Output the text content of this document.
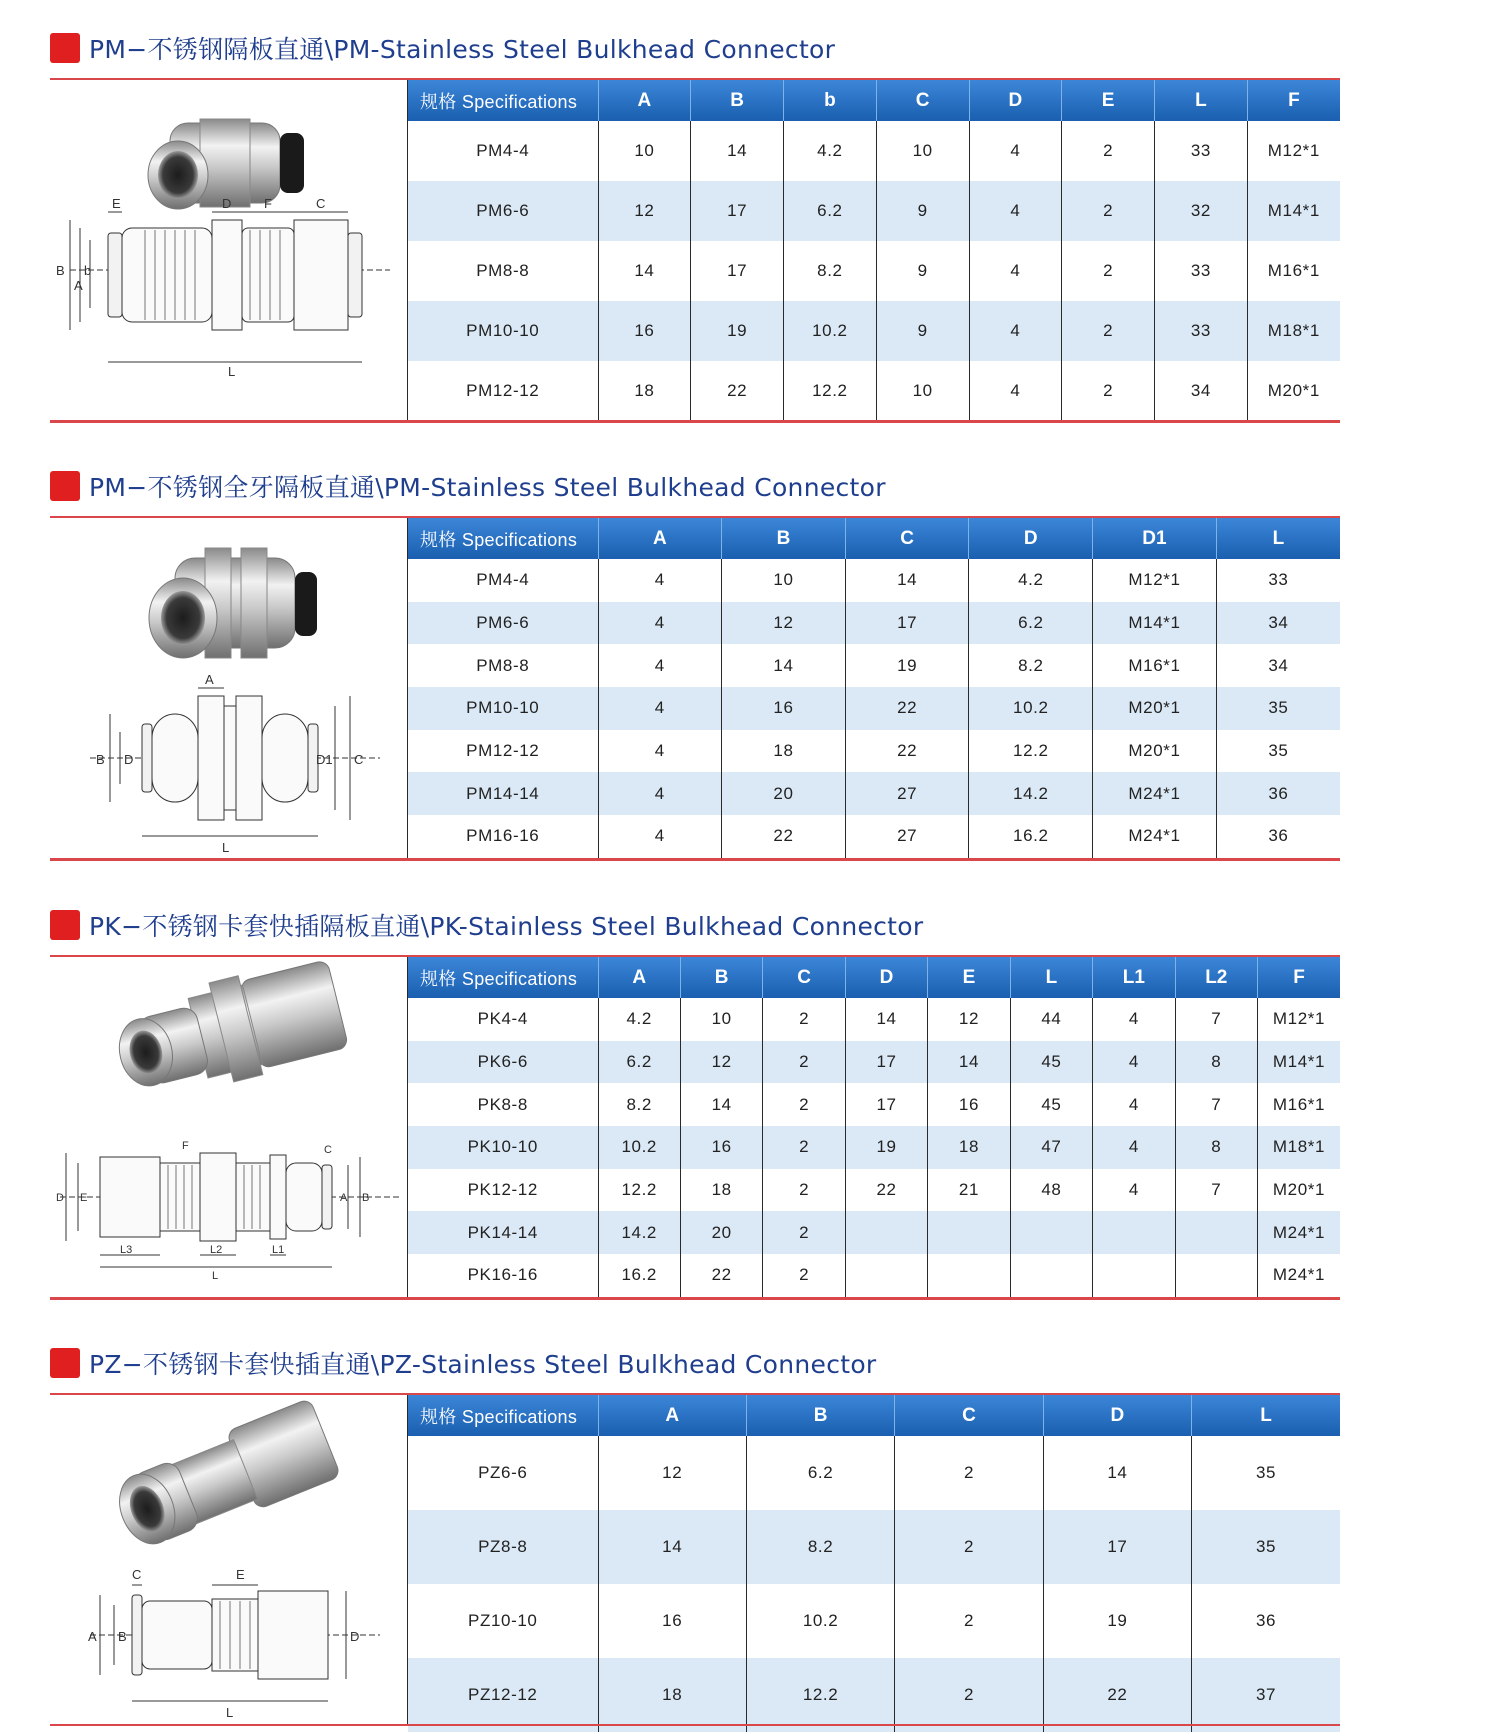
PM−不锈钢隔板直通\PM-Stainless Steel Bulkhead Connector
E	D	F	C
B
A
b
L
规格 Specifications	A	B	b	C	D	E	L	F
PM4-4	10	14	4.2	10	4	2	33	M12*1
PM6-6	12	17	6.2	9	4	2	32	M14*1
PM8-8	14	17	8.2	9	4	2	33	M16*1
PM10-10	16	19	10.2	9	4	2	33	M18*1
PM12-12	18	22	12.2	10	4	2	34	M20*1
PM−不锈钢全牙隔板直通\PM-Stainless Steel Bulkhead Connector
A
B D	D1 C
L
规格 Specifications	A	B	C	D	D1	L
PM4-4	4	10	14	4.2	M12*1	33
PM6-6	4	12	17	6.2	M14*1	34
PM8-8	4	14	19	8.2	M16*1	34
PM10-10	4	16	22	10.2	M20*1	35
PM12-12	4	18	22	12.2	M20*1	35
PM14-14	4	20	27	14.2	M24*1	36
PM16-16	4	22	27	16.2	M24*1	36
PK−不锈钢卡套快插隔板直通\PK-Stainless Steel Bulkhead Connector
F	C
D E	A B
L3	L2	L1
L
规格 Specifications	A	B	C	D	E	L	L1	L2	F
PK4-4	4.2	10	2	14	12	44	4	7	M12*1
PK6-6	6.2	12	2	17	14	45	4	8	M14*1
PK8-8	8.2	14	2	17	16	45	4	7	M16*1
PK10-10	10.2	16	2	19	18	47	4	8	M18*1
PK12-12	12.2	18	2	22	21	48	4	7	M20*1
PK14-14	14.2	20	2						M24*1
PK16-16	16.2	22	2						M24*1
PZ−不锈钢卡套快插直通\PZ-Stainless Steel Bulkhead Connector
C	E
A B	D
L
规格 Specifications	A	B	C	D	L
PZ6-6	12	6.2	2	14	35
PZ8-8	14	8.2	2	17	35
PZ10-10	16	10.2	2	19	36
PZ12-12	18	12.2	2	22	37
